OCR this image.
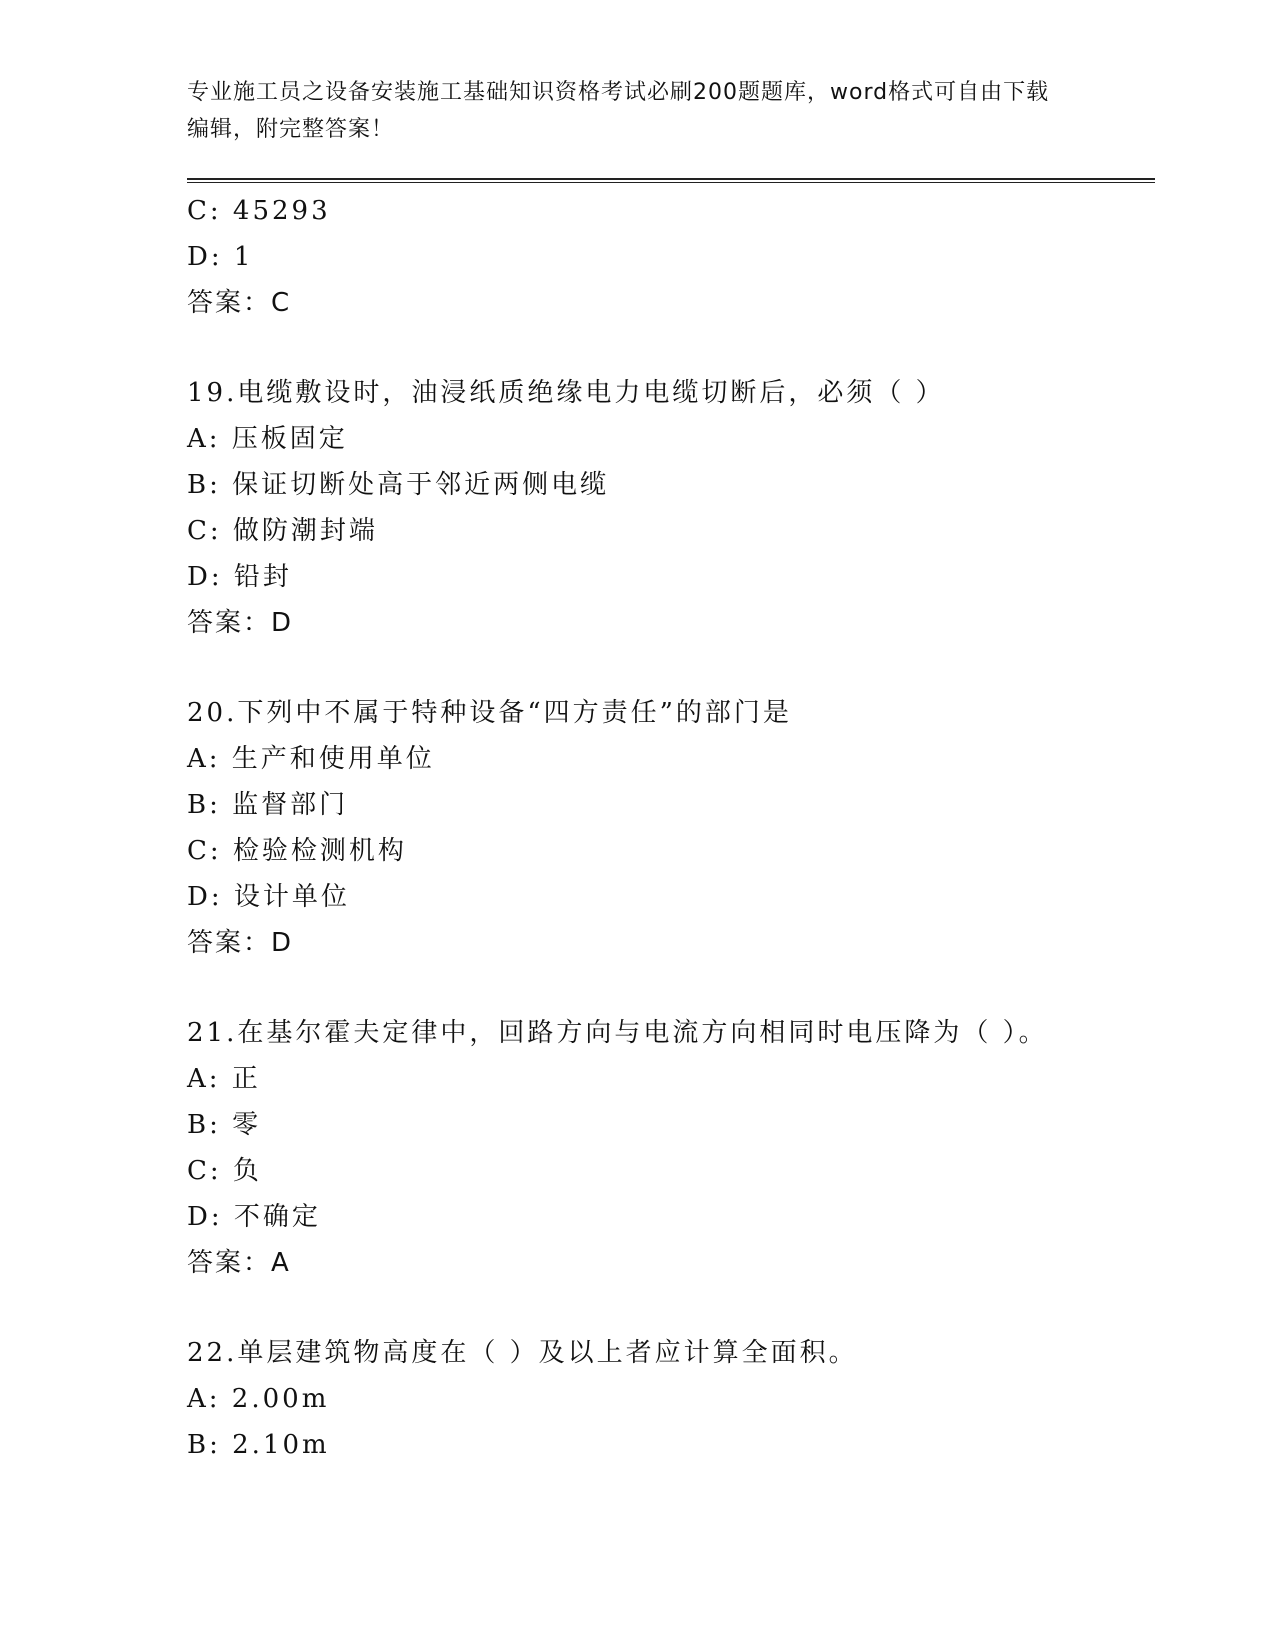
专业施工员之设备安装施工基础知识资格考试必刷200题题库，word格式可自由下载编辑，附完整答案！
C: 45293
D: 1
答案：C
19.电缆敷设时，油浸纸质绝缘电力电缆切断后，必须（ ）
A: 压板固定
B: 保证切断处高于邻近两侧电缆
C: 做防潮封端
D: 铅封
答案：D
20.下列中不属于特种设备“四方责任”的部门是
A: 生产和使用单位
B: 监督部门
C: 检验检测机构
D: 设计单位
答案：D
21.在基尔霍夫定律中，回路方向与电流方向相同时电压降为（ ）。
A: 正
B: 零
C: 负
D: 不确定
答案：A
22.单层建筑物高度在（ ）及以上者应计算全面积。
A: 2.00m
B: 2.10m
